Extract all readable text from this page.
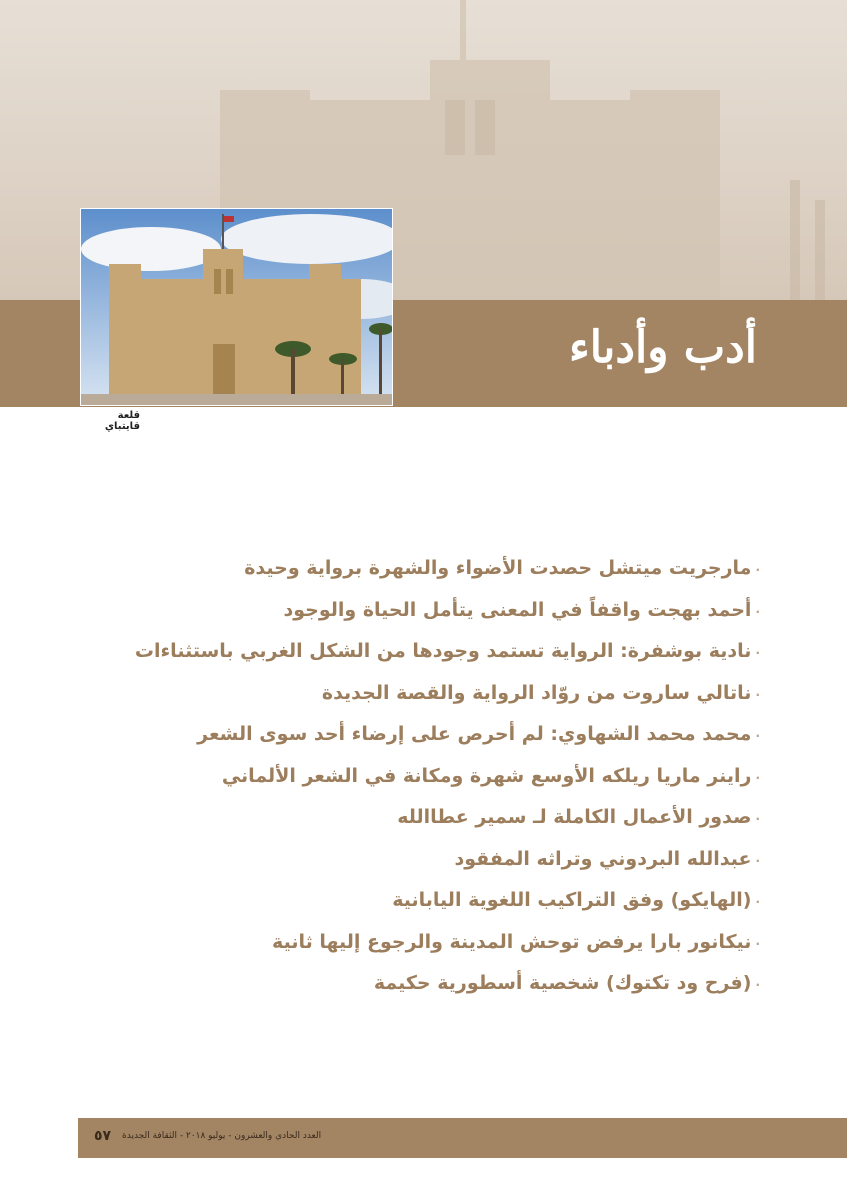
أدب وأدباء
قلعة قايتباي
·مارجريت ميتشل حصدت الأضواء والشهرة برواية وحيدة
·أحمد بهجت واقفاً في المعنى يتأمل الحياة والوجود
·نادية بوشفرة: الرواية تستمد وجودها من الشكل الغربي باستثناءات
·ناتالي ساروت من روّاد الرواية والقصة الجديدة
·محمد محمد الشهاوي: لم أحرص على إرضاء أحد سوى الشعر
·راينر ماريا ريلكه الأوسع شهرة ومكانة في الشعر الألماني
·صدور الأعمال الكاملة لـ سمير عطاالله
·عبدالله البردوني وتراثه المفقود
·(الهايكو) وفق التراكيب اللغوية اليابانية
·نيكانور بارا يرفض توحش المدينة والرجوع إليها ثانية
·(فرح ود تكتوك) شخصية أسطورية حكيمة
٥٧ العدد الحادي والعشرون - يوليو ٢٠١٨ - الثقافة الجديدة
